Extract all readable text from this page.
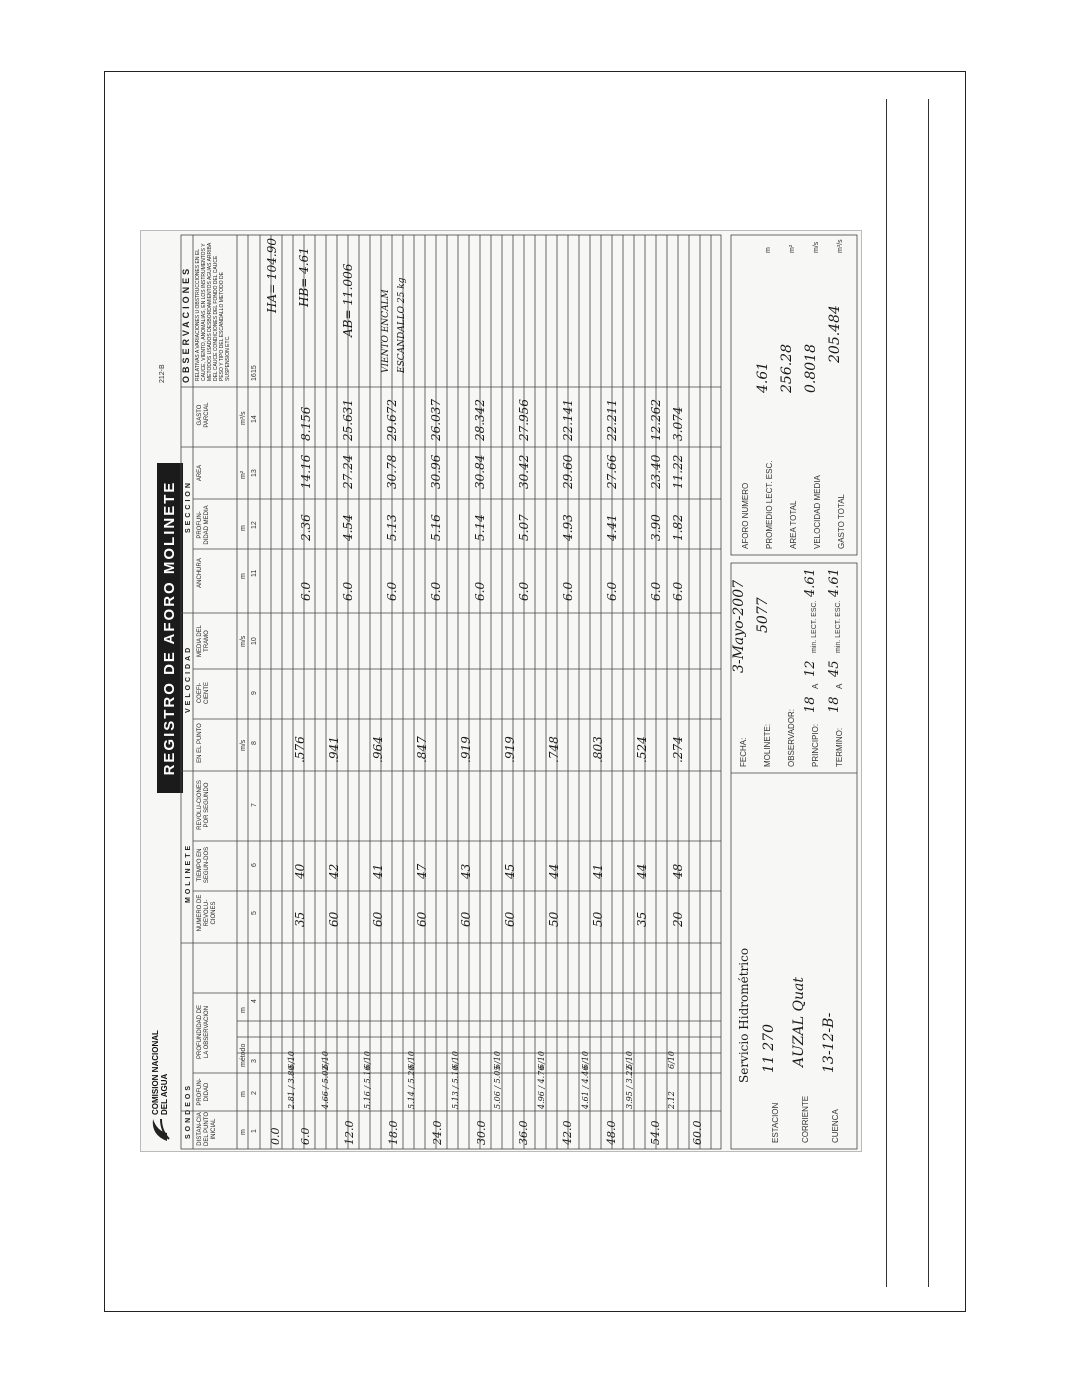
COMISION NACIONAL DEL AGUA
REGISTRO DE AFORO MOLINETE
212-B
SONDEOS
MOLINETE
VELOCIDAD
SECCION
OBSERVACIONES
DISTAN-CIA DEL PUNTO INICIAL
PROFUN-DIDAD
PROFUNDIDAD DE LA OBSERVACION
NUMERO DE REVOLU-CIONES
TIEMPO EN SEGUN-DOS
REVOLU-CIONES POR SEGUNDO
EN EL PUNTO
COEFI-CIENTE
MEDIA DEL TRAMO
ANCHURA
PROFUN-DIDAD MEDIA
AREA
GASTO PARCIAL
RELATIVAS A VARIACIONES U OBSTRUCCIONES EN EL CAUCE, VIENTO, ANOMALIAS, EN LOS INSTRUMENTOS Y METODOS USADOS DESBORDAMIENTOS AGUAS ARRIBA DEL CAUCE CONDICIONES DEL FONDO DEL CAUCE PESO Y TIPO DEL ESCANDALLO METODO DE SUSPENSION ETC.
m
m
método
m
m/s
m/s
m
m
m²
m³/s
1
2
3
4
5
6
7
8
9
10
11
12
13
14
15
0.0 6.0
2.81 / 3.80
6/10
35
40
.576
6.0
2.36
14.16
8.156
12.0
4.66 / 5.02
6/10
60
42
.941
6.0
4.54
27.24
25.631
18.0
5.16 / 5.16
6/10
60
41
.964
6.0
5.13
30.78
29.672
24.0
5.14 / 5.20
6/10
60
47
.847
6.0
5.16
30.96
26.037
30.0
5.13 / 5.10
6/10
60
43
.919
6.0
5.14
30.84
28.342
36.0
5.06 / 5.05
6/10
60
45
.919
6.0
5.07
30.42
27.956
42.0
4.96 / 4.76
6/10
50
44
.748
6.0
4.93
29.60
22.141
48.0
4.61 / 4.46
6/10
50
41
.803
6.0
4.41
27.66
22.211
54.0
3.95 / 3.22
6/10
35
44
.524
6.0
3.90
23.40
12.262
60.0
2.12
6/10
20
48
.274
6.0
1.82
11.22
3.074
16
HA= 104.90 HB= 4.61	AB= 11.006	VIENTO ENCALM ESCANDALLO 25 kg
Servicio Hidrométrico
ESTACION
11 270
CORRIENTE
AUZAL Quat
CUENCA
13-12-B-
FECHA:
3-Mayo-2007
MOLINETE:
5077
OBSERVADOR: PRINCIPIO:
18
A
12
min. LECT. ESC.
4.61
TERMINO:
18
A
45
min. LECT. ESC.
4.61
AFORO NUMERO PROMEDIO LECT. ESC.
4.61
m
AREA TOTAL
256.28
m²
VELOCIDAD MEDIA
0.8018
m/s
GASTO TOTAL
205.484
m³/s
